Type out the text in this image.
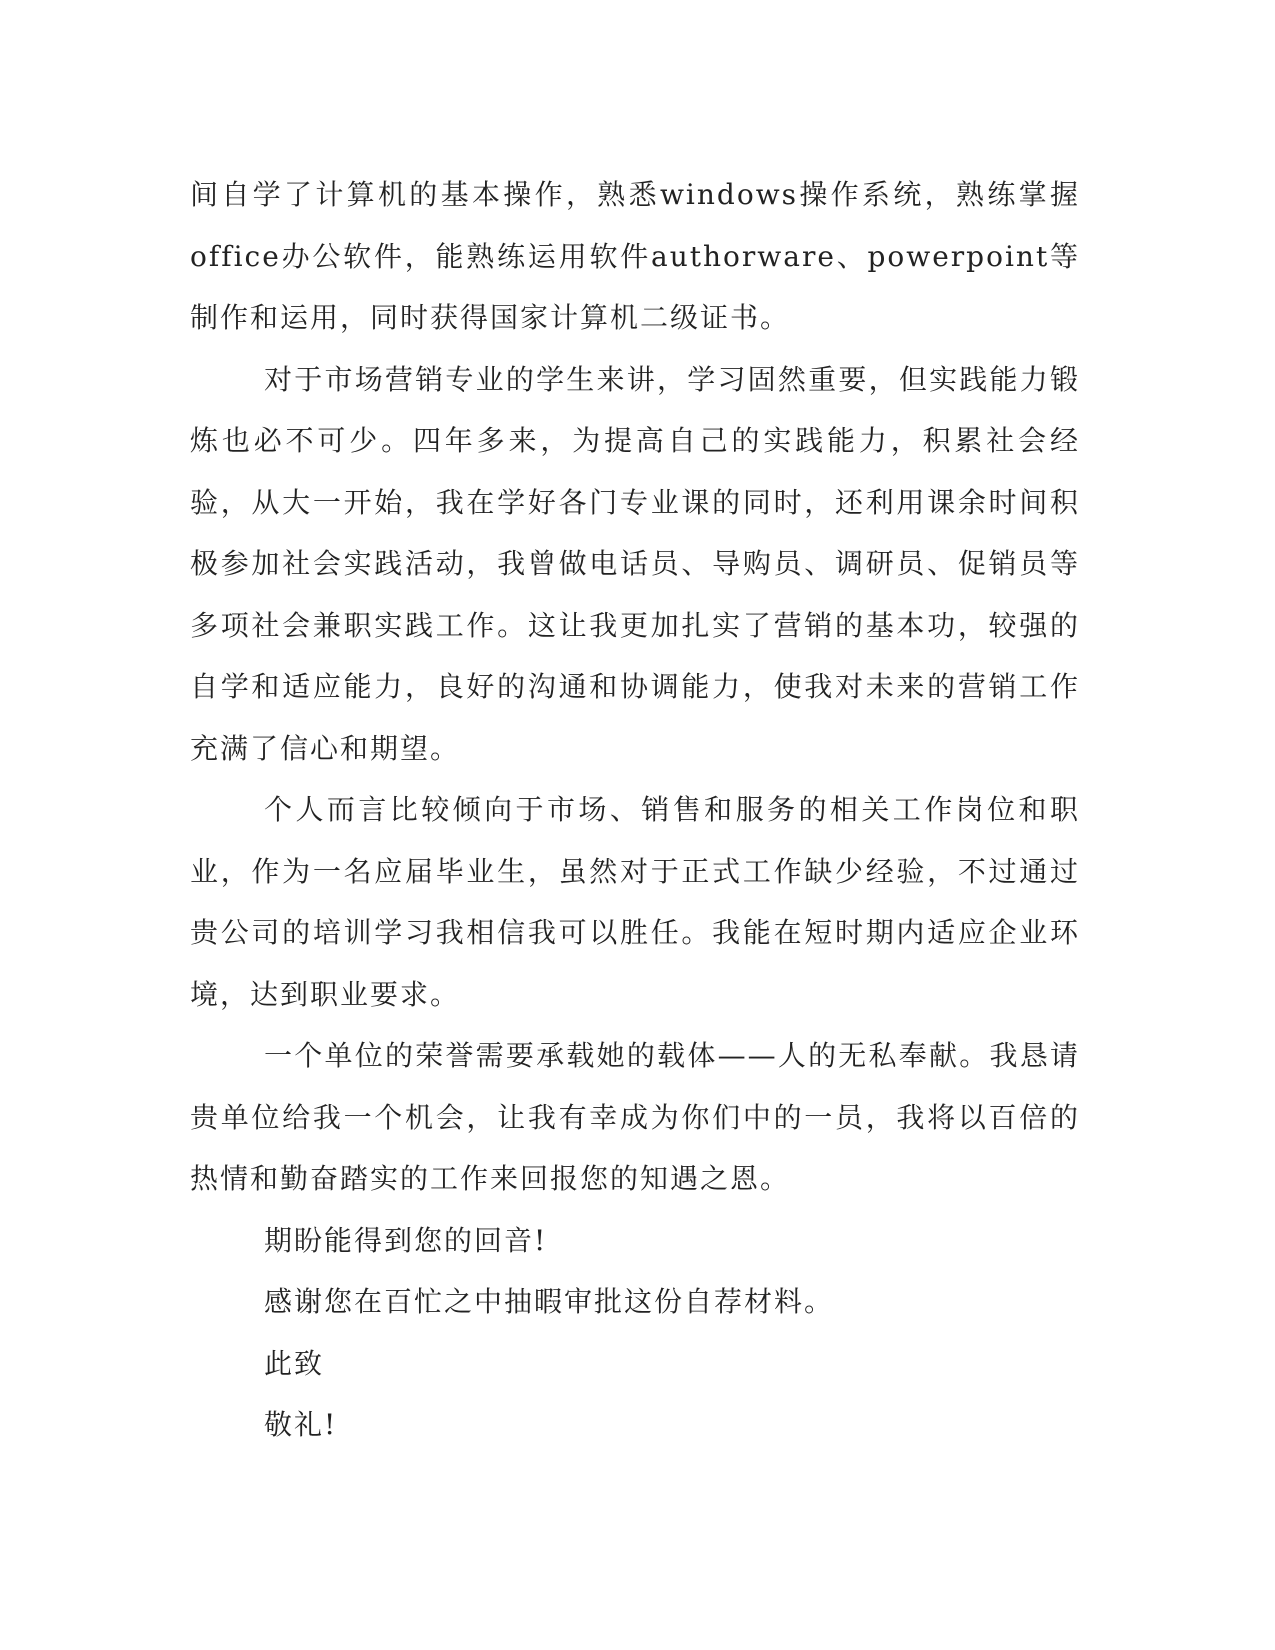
间自学了计算机的基本操作，熟悉windows操作系统，熟练掌握office办公软件，能熟练运用软件authorware、powerpoint等制作和运用，同时获得国家计算机二级证书。

对于市场营销专业的学生来讲，学习固然重要，但实践能力锻炼也必不可少。四年多来，为提高自己的实践能力，积累社会经验，从大一开始，我在学好各门专业课的同时，还利用课余时间积极参加社会实践活动，我曾做电话员、导购员、调研员、促销员等多项社会兼职实践工作。这让我更加扎实了营销的基本功，较强的自学和适应能力，良好的沟通和协调能力，使我对未来的营销工作充满了信心和期望。

个人而言比较倾向于市场、销售和服务的相关工作岗位和职业，作为一名应届毕业生，虽然对于正式工作缺少经验，不过通过贵公司的培训学习我相信我可以胜任。我能在短时期内适应企业环境，达到职业要求。

一个单位的荣誉需要承载她的载体——人的无私奉献。我恳请贵单位给我一个机会，让我有幸成为你们中的一员，我将以百倍的热情和勤奋踏实的工作来回报您的知遇之恩。

期盼能得到您的回音!

感谢您在百忙之中抽暇审批这份自荐材料。

此致

敬礼!
